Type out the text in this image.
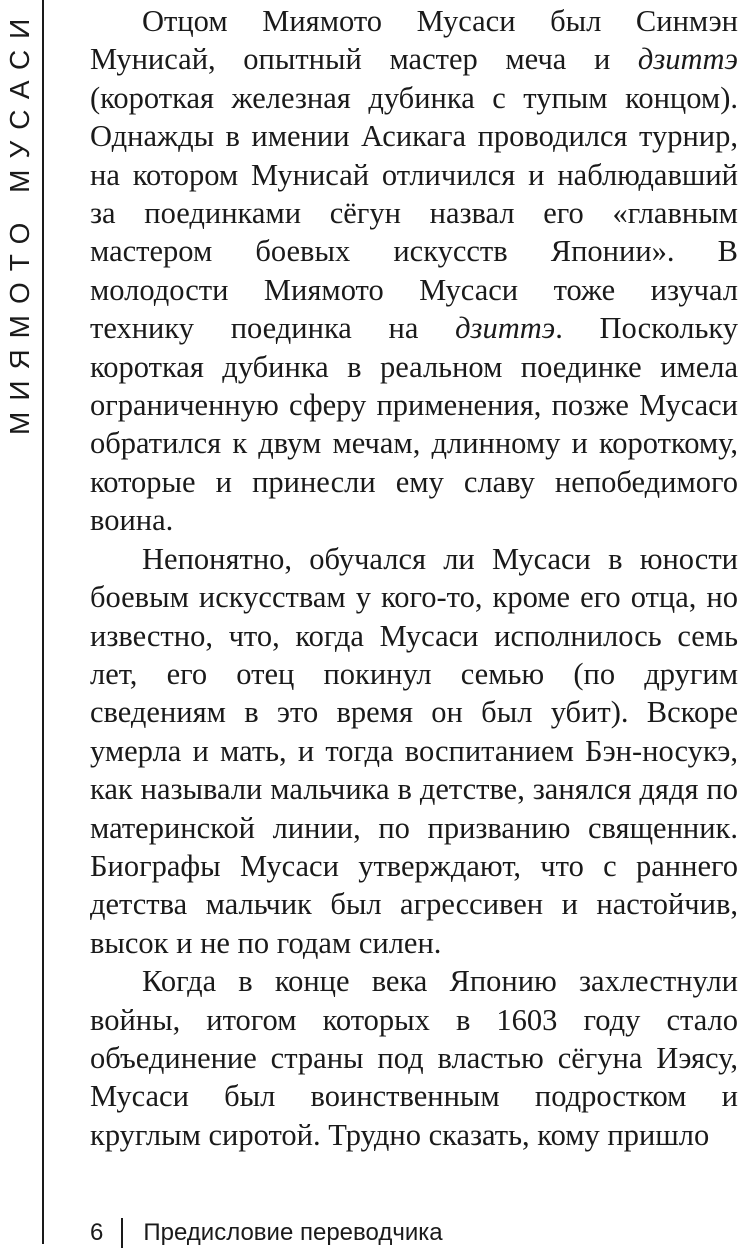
МИЯМОТО МУСАСИ	Отцом Миямото Мусаси был Синмэн Мунисай, опытный мастер меча и дзиттэ (короткая железная дубинка с тупым концом). Однажды в имении Асикага проводился турнир, на котором Мунисай отличился и наблюдавший за поединками сёгун назвал его «главным мастером боевых искусств Японии». В молодости Миямото Мусаси тоже изучал технику поединка на дзиттэ. Поскольку короткая дубинка в реальном поединке имела ограниченную сферу применения, позже Мусаси обратился к двум мечам, длинному и короткому, которые и принесли ему славу непобедимого воина.

Непонятно, обучался ли Мусаси в юности боевым искусствам у кого-то, кроме его отца, но известно, что, когда Мусаси исполнилось семь лет, его отец покинул семью (по другим сведениям в это время он был убит). Вскоре умерла и мать, и тогда воспитанием Бэн-носукэ, как называли мальчика в детстве, занялся дядя по материнской линии, по призванию священник. Биографы Мусаси утверждают, что с раннего детства мальчик был агрессивен и настойчив, высок и не по годам силен.

Когда в конце века Японию захлестнули войны, итогом которых в 1603 году стало объединение страны под властью сёгуна Иэясу, Мусаси был воинственным подростком и круглым сиротой. Трудно сказать, кому пришло

6 Предисловие переводчика
